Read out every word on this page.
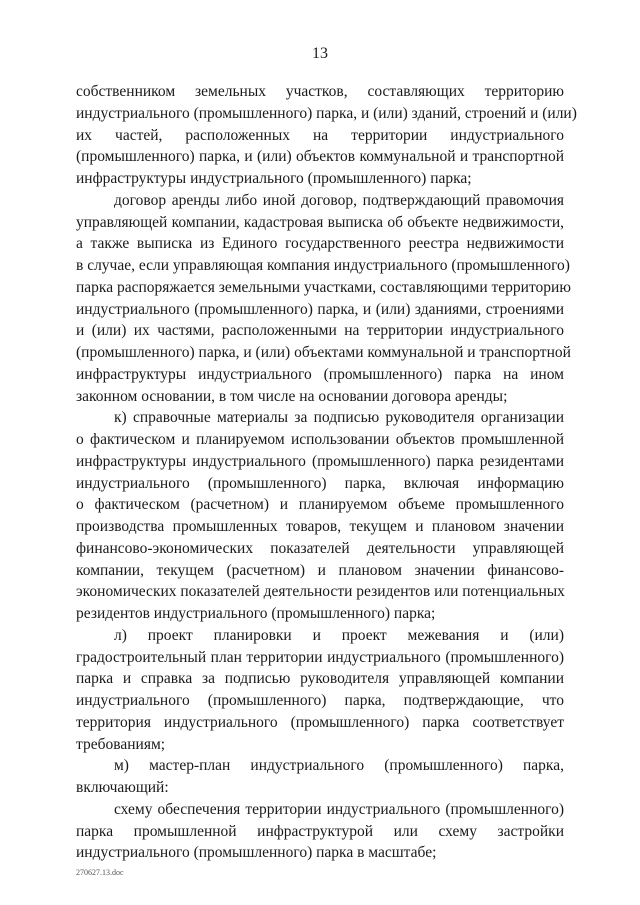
13
собственником земельных участков, составляющих территорию
индустриального (промышленного) парка, и (или) зданий, строений и (или)
их частей, расположенных на территории индустриального
(промышленного) парка, и (или) объектов коммунальной и транспортной
инфраструктуры индустриального (промышленного) парка;
договор аренды либо иной договор, подтверждающий правомочия
управляющей компании, кадастровая выписка об объекте недвижимости,
а также выписка из Единого государственного реестра недвижимости
в случае, если управляющая компания индустриального (промышленного)
парка распоряжается земельными участками, составляющими территорию
индустриального (промышленного) парка, и (или) зданиями, строениями
и (или) их частями, расположенными на территории индустриального
(промышленного) парка, и (или) объектами коммунальной и транспортной
инфраструктуры индустриального (промышленного) парка на ином
законном основании, в том числе на основании договора аренды;
к) справочные материалы за подписью руководителя организации
о фактическом и планируемом использовании объектов промышленной
инфраструктуры индустриального (промышленного) парка резидентами
индустриального (промышленного) парка, включая информацию
о фактическом (расчетном) и планируемом объеме промышленного
производства промышленных товаров, текущем и плановом значении
финансово-экономических показателей деятельности управляющей
компании, текущем (расчетном) и плановом значении финансово-
экономических показателей деятельности резидентов или потенциальных
резидентов индустриального (промышленного) парка;
л) проект планировки и проект межевания и (или)
градостроительный план территории индустриального (промышленного)
парка и справка за подписью руководителя управляющей компании
индустриального (промышленного) парка, подтверждающие, что
территория индустриального (промышленного) парка соответствует
требованиям;
м) мастер-план индустриального (промышленного) парка,
включающий:
схему обеспечения территории индустриального (промышленного)
парка промышленной инфраструктурой или схему застройки
индустриального (промышленного) парка в масштабе;
270627.13.doc
